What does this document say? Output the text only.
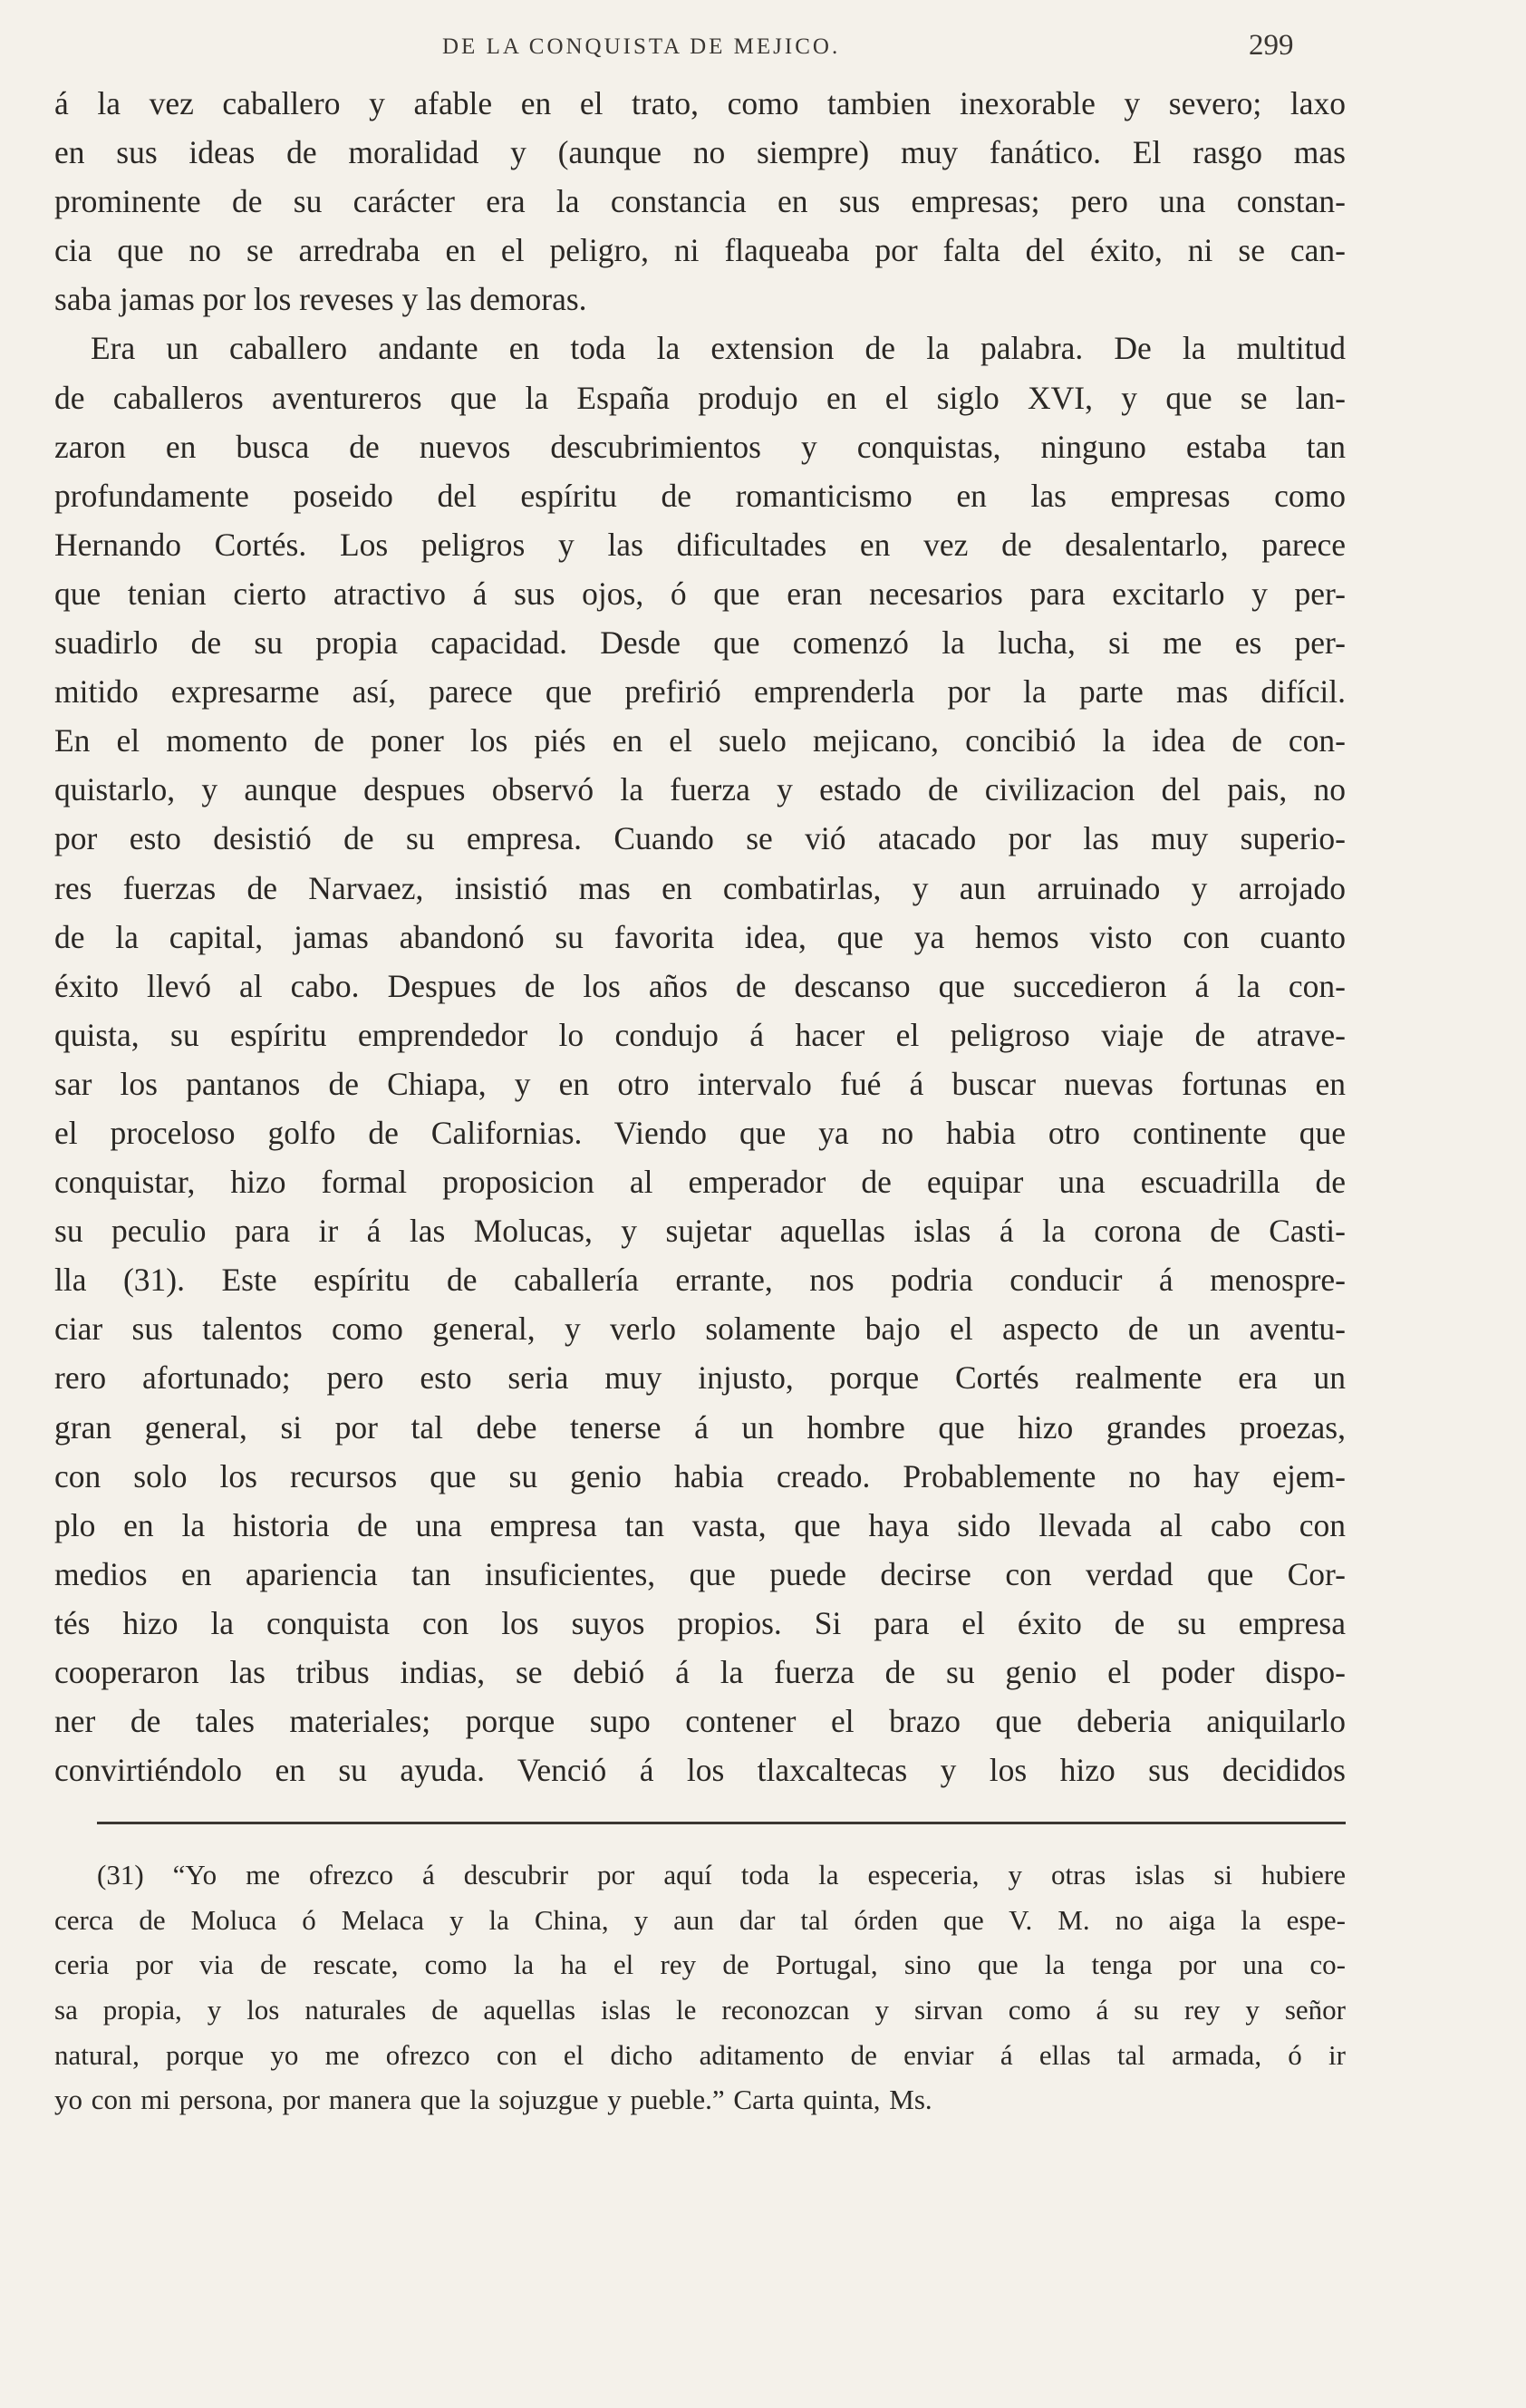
DE LA CONQUISTA DE MEJICO.	299
á la vez caballero y afable en el trato, como tambien inexorable y severo; laxo
en sus ideas de moralidad y (aunque no siempre) muy fanático. El rasgo mas
prominente de su carácter era la constancia en sus empresas; pero una constan-
cia que no se arredraba en el peligro, ni flaqueaba por falta del éxito, ni se can-
saba jamas por los reveses y las demoras.
Era un caballero andante en toda la extension de la palabra. De la multitud
de caballeros aventureros que la España produjo en el siglo XVI, y que se lan-
zaron en busca de nuevos descubrimientos y conquistas, ninguno estaba tan
profundamente poseido del espíritu de romanticismo en las empresas como
Hernando Cortés. Los peligros y las dificultades en vez de desalentarlo, parece
que tenian cierto atractivo á sus ojos, ó que eran necesarios para excitarlo y per-
suadirlo de su propia capacidad. Desde que comenzó la lucha, si me es per-
mitido expresarme así, parece que prefirió emprenderla por la parte mas difícil.
En el momento de poner los piés en el suelo mejicano, concibió la idea de con-
quistarlo, y aunque despues observó la fuerza y estado de civilizacion del pais, no
por esto desistió de su empresa. Cuando se vió atacado por las muy superio-
res fuerzas de Narvaez, insistió mas en combatirlas, y aun arruinado y arrojado
de la capital, jamas abandonó su favorita idea, que ya hemos visto con cuanto
éxito llevó al cabo. Despues de los años de descanso que succedieron á la con-
quista, su espíritu emprendedor lo condujo á hacer el peligroso viaje de atrave-
sar los pantanos de Chiapa, y en otro intervalo fué á buscar nuevas fortunas en
el proceloso golfo de Californias. Viendo que ya no habia otro continente que
conquistar, hizo formal proposicion al emperador de equipar una escuadrilla de
su peculio para ir á las Molucas, y sujetar aquellas islas á la corona de Casti-
lla (31). Este espíritu de caballería errante, nos podria conducir á menospre-
ciar sus talentos como general, y verlo solamente bajo el aspecto de un aventu-
rero afortunado; pero esto seria muy injusto, porque Cortés realmente era un
gran general, si por tal debe tenerse á un hombre que hizo grandes proezas,
con solo los recursos que su genio habia creado. Probablemente no hay ejem-
plo en la historia de una empresa tan vasta, que haya sido llevada al cabo con
medios en apariencia tan insuficientes, que puede decirse con verdad que Cor-
tés hizo la conquista con los suyos propios. Si para el éxito de su empresa
cooperaron las tribus indias, se debió á la fuerza de su genio el poder dispo-
ner de tales materiales; porque supo contener el brazo que deberia aniquilarlo
convirtiéndolo en su ayuda. Venció á los tlaxcaltecas y los hizo sus decididos
(31) “Yo me ofrezco á descubrir por aquí toda la especeria, y otras islas si hubiere
cerca de Moluca ó Melaca y la China, y aun dar tal órden que V. M. no aiga la espe-
ceria por via de rescate, como la ha el rey de Portugal, sino que la tenga por una co-
sa propia, y los naturales de aquellas islas le reconozcan y sirvan como á su rey y señor
natural, porque yo me ofrezco con el dicho aditamento de enviar á ellas tal armada, ó ir
yo con mi persona, por manera que la sojuzgue y pueble.” Carta quinta, Ms.
